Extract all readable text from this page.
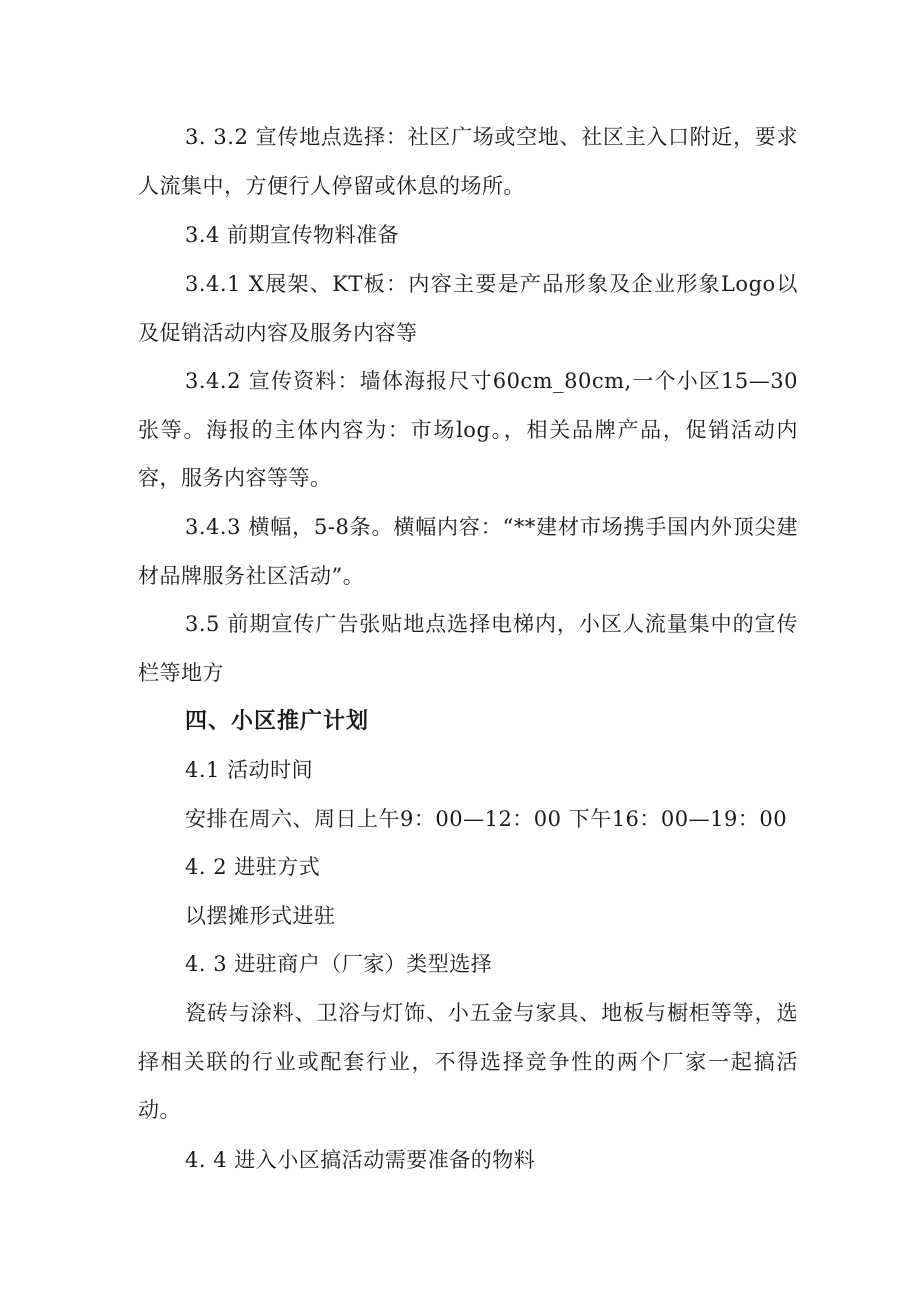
3. 3.2 宣传地点选择：社区广场或空地、社区主入口附近，要求人流集中，方便行人停留或休息的场所。

3.4 前期宣传物料准备

3.4.1 X展架、KT板：内容主要是产品形象及企业形象Logo以及促销活动内容及服务内容等

3.4.2 宣传资料：墙体海报尺寸60cm_80cm,一个小区15—30张等。海报的主体内容为：市场log。，相关品牌产品，促销活动内容，服务内容等等。

3.4.3 横幅，5-8条。横幅内容：“**建材市场携手国内外顶尖建材品牌服务社区活动”。

3.5 前期宣传广告张贴地点选择电梯内，小区人流量集中的宣传栏等地方

四、小区推广计划

4.1 活动时间

安排在周六、周日上午9：00—12：00 下午16：00—19：00

4. 2 进驻方式

以摆摊形式进驻

4. 3 进驻商户（厂家）类型选择

瓷砖与涂料、卫浴与灯饰、小五金与家具、地板与橱柜等等，选择相关联的行业或配套行业，不得选择竞争性的两个厂家一起搞活动。

4. 4 进入小区搞活动需要准备的物料
